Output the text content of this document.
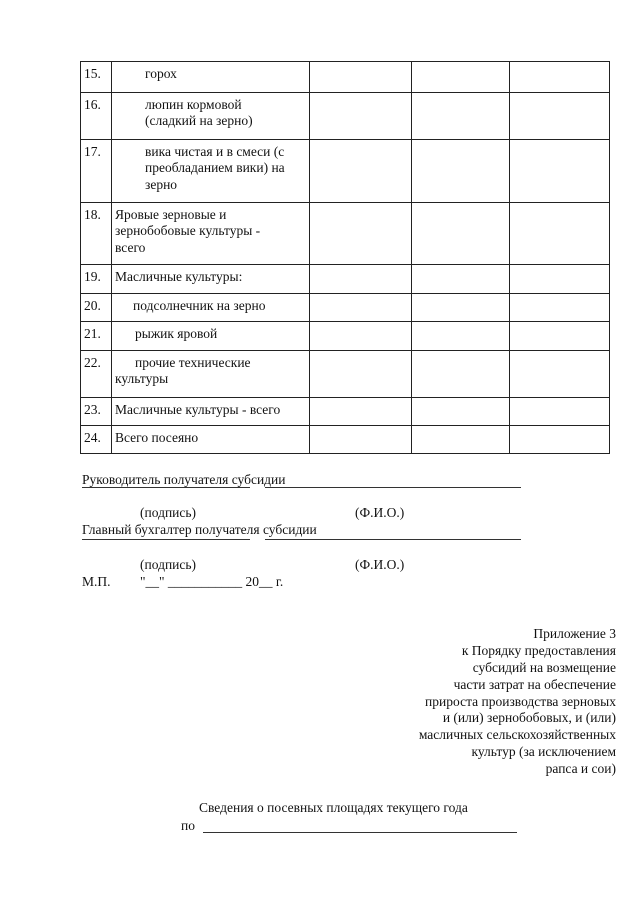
15.	горох			

16.	люпин кормовой
(сладкий на зерно)			

17.	вика чистая и в смеси (с
преобладанием вики) на
зерно			

18.	Яровые зерновые и
зернобобовые культуры -
всего			

19.	Масличные культуры:			

20.	подсолнечник на зерно			

21.	рыжик яровой			

22.	прочие технические
культуры			

23.	Масличные культуры - всего			

24.	Всего посеяно			

Руководитель получателя субсидии
(подпись)	(Ф.И.О.)
Главный бухгалтер получателя субсидии
(подпись)	(Ф.И.О.)
М.П. "__" ___________ 20__ г.
Приложение 3
к Порядку предоставления
субсидий на возмещение
части затрат на обеспечение
прироста производства зерновых
и (или) зернобобовых, и (или)
масличных сельскохозяйственных
культур (за исключением
рапса и сои)
Сведения о посевных площадях текущего года
по
